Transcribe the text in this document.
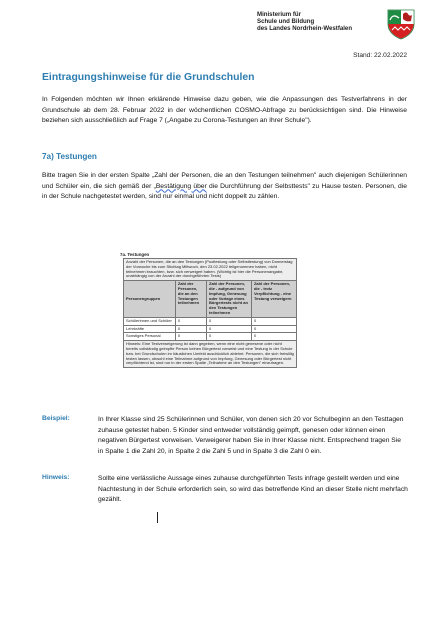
Ministerium für
Schule und Bildung
des Landes Nordrhein-Westfalen
Stand: 22.02.2022
Eintragungshinweise für die Grundschulen
In Folgenden möchten wir Ihnen erklärende Hinweise dazu geben, wie die Anpassungen des Testverfahrens in der Grundschule ab dem 28. Februar 2022 in der wöchentlichen COSMO-Abfrage zu berücksichtigen sind. Die Hinweise beziehen sich ausschließlich auf Frage 7 („Angabe zu Corona-Testungen an Ihrer Schule").
7a) Testungen
Bitte tragen Sie in der ersten Spalte „Zahl der Personen, die an den Testungen teilnehmen" auch diejenigen Schülerinnen und Schüler ein, die sich gemäß der „Bestätigung über die Durchführung der Selbsttests" zu Hause testen. Personen, die in der Schule nachgetestet werden, sind nur einmal und nicht doppelt zu zählen.
7a. Testungen
Anzahl der Personen, die an den Testungen (Pooltestung oder Selbsttestung) von Donnerstag der Vorwoche bis zum Stichtag Mittwoch, den 23.02.2022 teilgenommen haben, nicht teilnehmen brauchten, bzw. sich verweigert haben. (Wichtig ist hier die Personenangabe, unabhängig von der Anzahl der durchgeführten Tests)			
Personengruppen	Zahl der Personen, die an den Testungen teilnehmen	Zahl der Personen, die - aufgrund von Impfung, Genesung oder Vorlage eines Bürgertests nicht an den Testungen teilnehmen	Zahl der Personen, die - trotz Verpflichtung - eine Testung verweigern
Schülerinnen und Schüler	0	0	0
Lehrkräfte	0	0	0
Sonstiges Personal	0	0	0
Hinweis: Eine Testverweigerung ist dann gegeben, wenn eine nicht genesene oder nicht bereits vollständig geimpfte Person keinen Bürgertest vorweist und eine Testung in der Schule bzw. bei Grundschulen im häuslichen Umfeld ausdrücklich ablehnt. Personen, die sich freiwillig testen lassen, obwohl eine Teilnahme aufgrund von Impfung, Genesung oder Bürgertest nicht verpflichtend ist, sind nur in der ersten Spalte „Teilnahme an den Testungen" einzutragen.			
Beispiel:	In Ihrer Klasse sind 25 Schülerinnen und Schüler, von denen sich 20 vor Schulbeginn an den Testtagen zuhause getestet haben. 5 Kinder sind entweder vollständig geimpft, genesen oder können einen negativen Bürgertest vorweisen. Verweigerer haben Sie in Ihrer Klasse nicht. Entsprechend tragen Sie in Spalte 1 die Zahl 20, in Spalte 2 die Zahl 5 und in Spalte 3 die Zahl 0 ein.
Hinweis:	Sollte eine verlässliche Aussage eines zuhause durchgeführten Tests infrage gestellt werden und eine Nachtestung in der Schule erforderlich sein, so wird das betreffende Kind an dieser Stelle nicht mehrfach gezählt.
